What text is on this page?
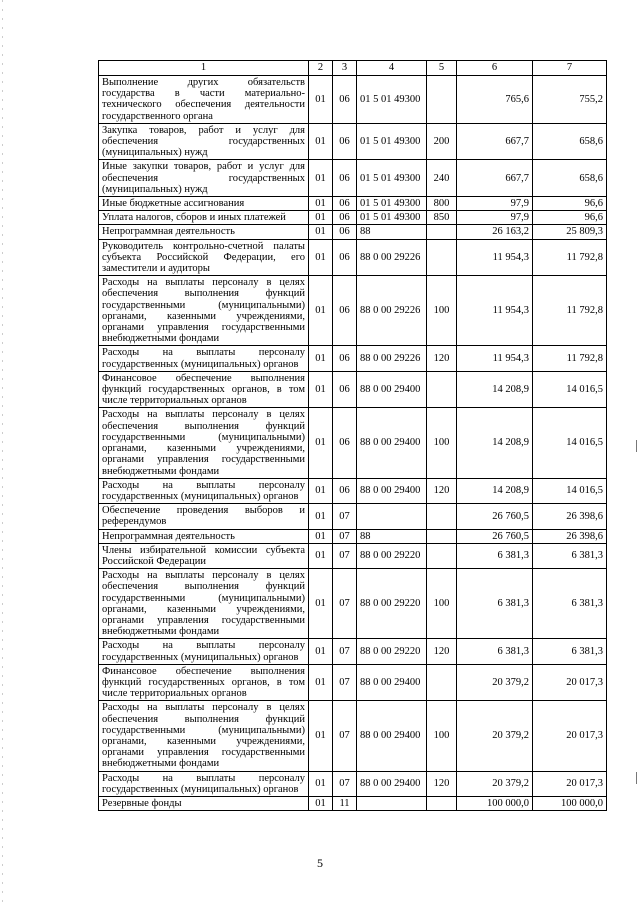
1	2	3	4	5	6	7
Выполнение других обязательств государства в части материально-технического обеспечения деятельности государственного органа	01	06	01 5 01 49300		765,6	755,2
Закупка товаров, работ и услуг для обеспечения государственных (муниципальных) нужд	01	06	01 5 01 49300	200	667,7	658,6
Иные закупки товаров, работ и услуг для обеспечения государственных (муниципальных) нужд	01	06	01 5 01 49300	240	667,7	658,6
Иные бюджетные ассигнования	01	06	01 5 01 49300	800	97,9	96,6
Уплата налогов, сборов и иных платежей	01	06	01 5 01 49300	850	97,9	96,6
Непрограммная деятельность	01	06	88		26 163,2	25 809,3
Руководитель контрольно-счетной палаты субъекта Российской Федерации, его заместители и аудиторы	01	06	88 0 00 29226		11 954,3	11 792,8
Расходы на выплаты персоналу в целях обеспечения выполнения функций государственными (муниципальными) органами, казенными учреждениями, органами управления государственными внебюджетными фондами	01	06	88 0 00 29226	100	11 954,3	11 792,8
Расходы на выплаты персоналу государственных (муниципальных) органов	01	06	88 0 00 29226	120	11 954,3	11 792,8
Финансовое обеспечение выполнения функций государственных органов, в том числе территориальных органов	01	06	88 0 00 29400		14 208,9	14 016,5
Расходы на выплаты персоналу в целях обеспечения выполнения функций государственными (муниципальными) органами, казенными учреждениями, органами управления государственными внебюджетными фондами	01	06	88 0 00 29400	100	14 208,9	14 016,5
Расходы на выплаты персоналу государственных (муниципальных) органов	01	06	88 0 00 29400	120	14 208,9	14 016,5
Обеспечение проведения выборов и референдумов	01	07			26 760,5	26 398,6
Непрограммная деятельность	01	07	88		26 760,5	26 398,6
Члены избирательной комиссии субъекта Российской Федерации	01	07	88 0 00 29220		6 381,3	6 381,3
Расходы на выплаты персоналу в целях обеспечения выполнения функций государственными (муниципальными) органами, казенными учреждениями, органами управления государственными внебюджетными фондами	01	07	88 0 00 29220	100	6 381,3	6 381,3
Расходы на выплаты персоналу государственных (муниципальных) органов	01	07	88 0 00 29220	120	6 381,3	6 381,3
Финансовое обеспечение выполнения функций государственных органов, в том числе территориальных органов	01	07	88 0 00 29400		20 379,2	20 017,3
Расходы на выплаты персоналу в целях обеспечения выполнения функций государственными (муниципальными) органами, казенными учреждениями, органами управления государственными внебюджетными фондами	01	07	88 0 00 29400	100	20 379,2	20 017,3
Расходы на выплаты персоналу государственных (муниципальных) органов	01	07	88 0 00 29400	120	20 379,2	20 017,3
Резервные фонды	01	11			100 000,0	100 000,0
5
